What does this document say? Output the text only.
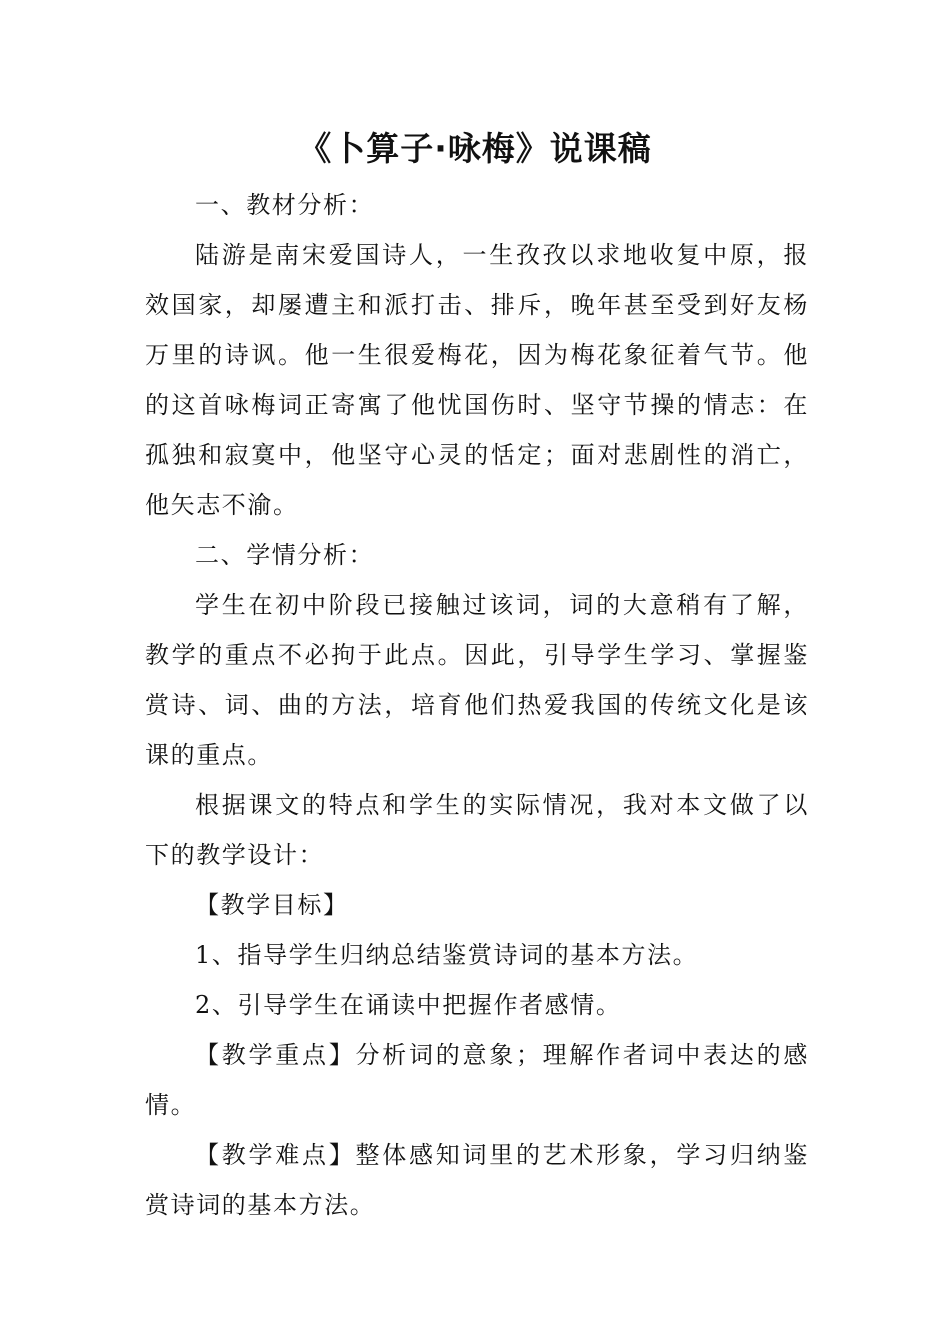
《卜算子·咏梅》说课稿

一、教材分析：

陆游是南宋爱国诗人，一生孜孜以求地收复中原，报效国家，却屡遭主和派打击、排斥，晚年甚至受到好友杨万里的诗讽。他一生很爱梅花，因为梅花象征着气节。他的这首咏梅词正寄寓了他忧国伤时、坚守节操的情志：在孤独和寂寞中，他坚守心灵的恬定；面对悲剧性的消亡，他矢志不渝。

二、学情分析：

学生在初中阶段已接触过该词，词的大意稍有了解，教学的重点不必拘于此点。因此，引导学生学习、掌握鉴赏诗、词、曲的方法，培育他们热爱我国的传统文化是该课的重点。

根据课文的特点和学生的实际情况，我对本文做了以下的教学设计：

【教学目标】

1、指导学生归纳总结鉴赏诗词的基本方法。

2、引导学生在诵读中把握作者感情。

【教学重点】分析词的意象；理解作者词中表达的感情。

【教学难点】整体感知词里的艺术形象，学习归纳鉴赏诗词的基本方法。
